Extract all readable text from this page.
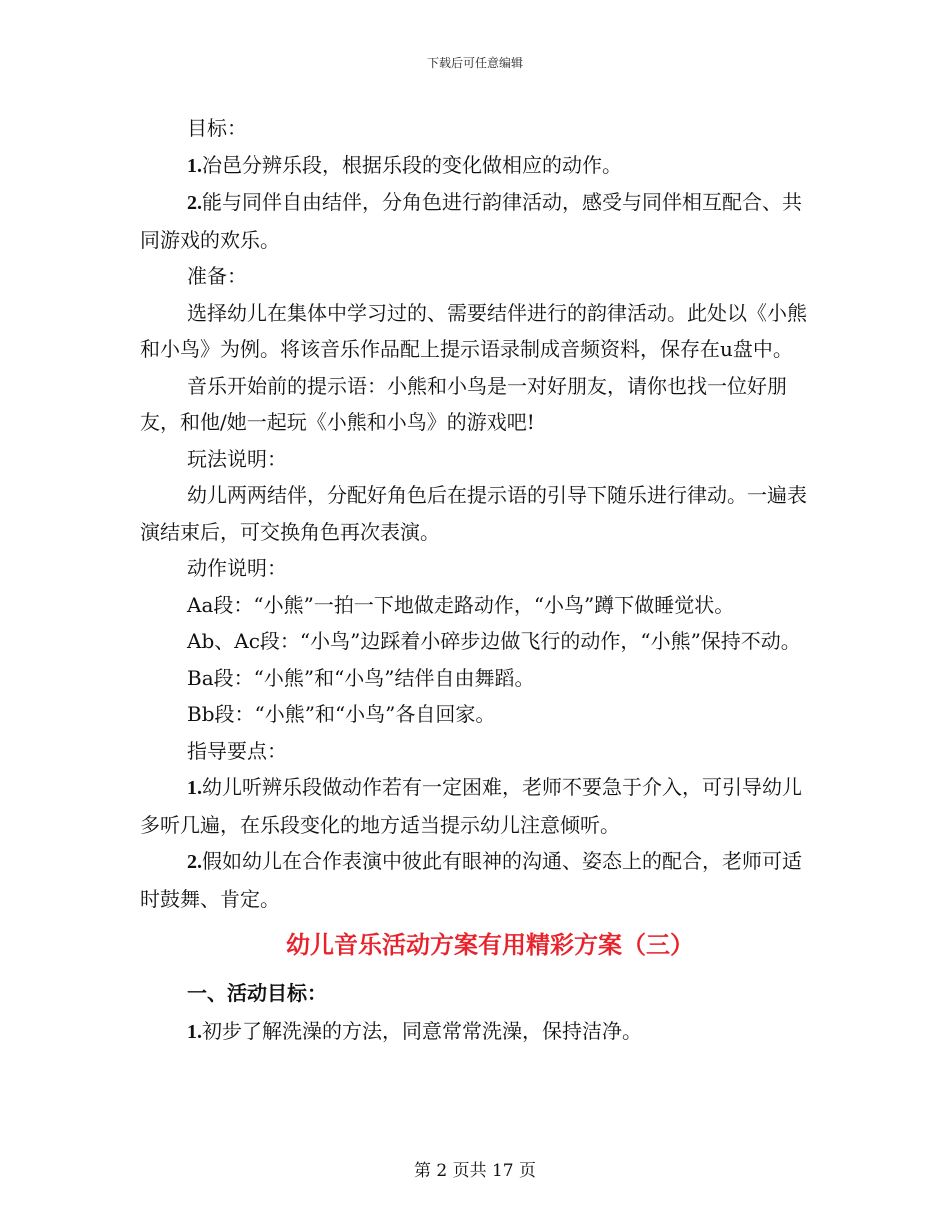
下载后可任意编辑

目标：

1.冶邑分辨乐段，根据乐段的变化做相应的动作。

2.能与同伴自由结伴，分角色进行韵律活动，感受与同伴相互配合、共同游戏的欢乐。

准备：

选择幼儿在集体中学习过的、需要结伴进行的韵律活动。此处以《小熊和小鸟》为例。将该音乐作品配上提示语录制成音频资料，保存在u盘中。

音乐开始前的提示语：小熊和小鸟是一对好朋友，请你也找一位好朋友，和他/她一起玩《小熊和小鸟》的游戏吧!

玩法说明：

幼儿两两结伴，分配好角色后在提示语的引导下随乐进行律动。一遍表演结束后，可交换角色再次表演。

动作说明：

Aa段：“小熊”一拍一下地做走路动作，“小鸟”蹲下做睡觉状。

Ab、Ac段：“小鸟”边踩着小碎步边做飞行的动作，“小熊”保持不动。

Ba段：“小熊”和“小鸟”结伴自由舞蹈。

Bb段：“小熊”和“小鸟”各自回家。

指导要点：

1.幼儿听辨乐段做动作若有一定困难，老师不要急于介入，可引导幼儿多听几遍，在乐段变化的地方适当提示幼儿注意倾听。

2.假如幼儿在合作表演中彼此有眼神的沟通、姿态上的配合，老师可适时鼓舞、肯定。

幼儿音乐活动方案有用精彩方案（三）

一、活动目标：

1.初步了解洗澡的方法，同意常常洗澡，保持洁净。

第 2 页共 17 页
